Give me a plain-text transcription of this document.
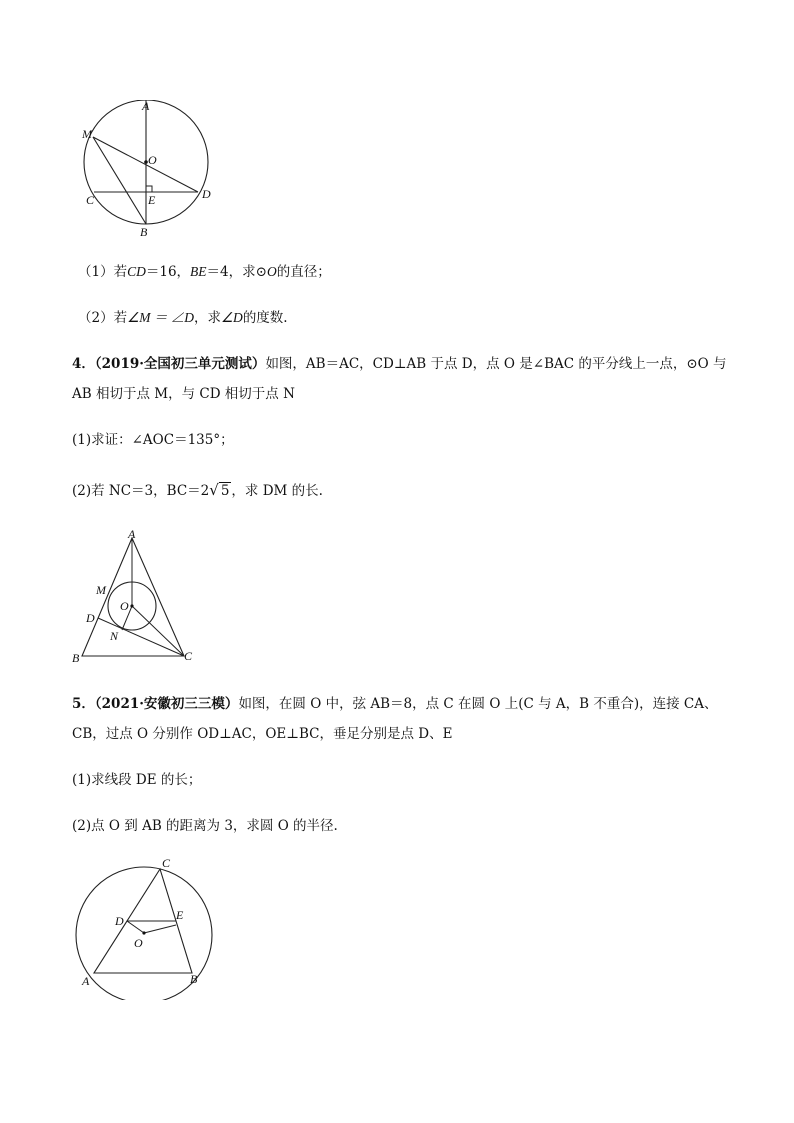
A
M
O
C	E	D
B
（1）若CD＝16，BE＝4，求⊙O的直径；
（2）若∠M ＝ ∠D，求∠D的度数.
4．（2019·全国初三单元测试）如图，AB＝AC，CD⊥AB 于点 D，点 O 是∠BAC 的平分线上一点，⊙O 与
AB 相切于点 M，与 CD 相切于点 N
(1)求证：∠AOC＝135°；
(2)若 NC＝3，BC＝2√ 5 ，求 DM 的长.
A
M
O
D
N
B	C
5．（2021·安徽初三三模）如图，在圆 O 中，弦 AB＝8，点 C 在圆 O 上(C 与 A，B 不重合)，连接 CA、
CB，过点 O 分别作 OD⊥AC，OE⊥BC，垂足分别是点 D、E
(1)求线段 DE 的长；
(2)点 O 到 AB 的距离为 3，求圆 O 的半径.
C
D	E
O
A	B
